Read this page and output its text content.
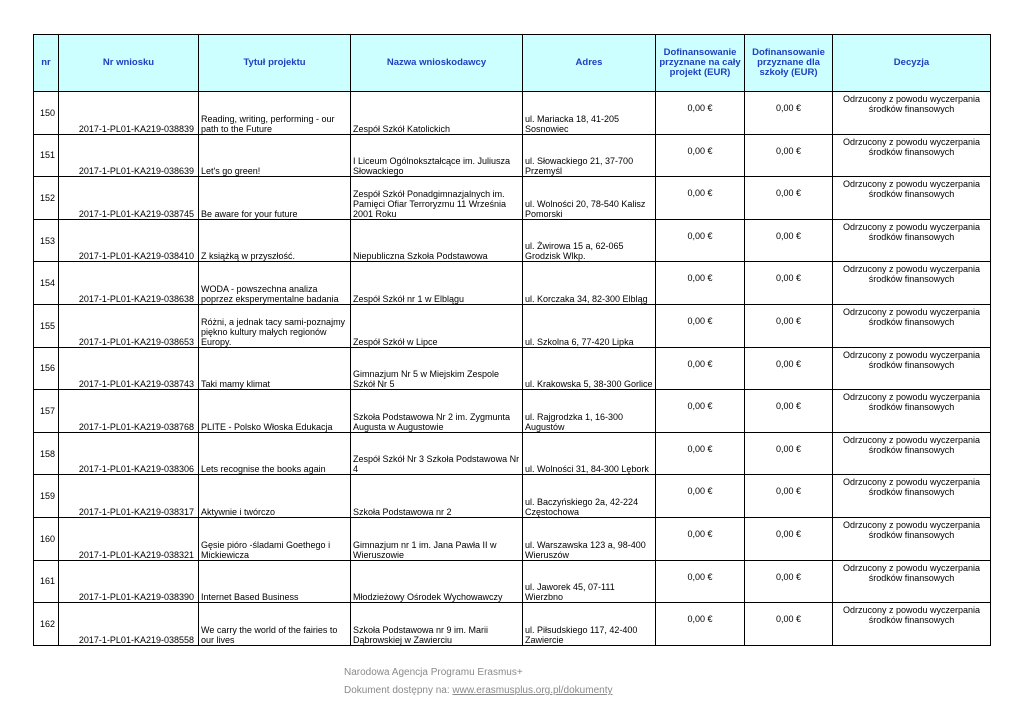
nr	Nr wniosku	Tytuł projektu	Nazwa wnioskodawcy	Adres	Dofinansowanie przyznane na cały projekt (EUR)	Dofinansowanie przyznane dla szkoły (EUR)	Decyzja
150	2017-1-PL01-KA219-038839	Reading, writing, performing - our path to the Future	Zespół Szkół Katolickich	ul. Mariacka 18, 41-205 Sosnowiec	0,00 €	0,00 €	Odrzucony z powodu wyczerpania środków finansowych
151	2017-1-PL01-KA219-038639	Let's go green!	I Liceum Ogólnokształcące im. Juliusza Słowackiego	ul. Słowackiego 21, 37-700 Przemyśl	0,00 €	0,00 €	Odrzucony z powodu wyczerpania środków finansowych
152	2017-1-PL01-KA219-038745	Be aware for your future	Zespół Szkół Ponadgimnazjalnych im. Pamięci Ofiar Terroryzmu 11 Września 2001 Roku	ul. Wolności 20, 78-540 Kalisz Pomorski	0,00 €	0,00 €	Odrzucony z powodu wyczerpania środków finansowych
153	2017-1-PL01-KA219-038410	Z książką w przyszłość.	Niepubliczna Szkoła Podstawowa	ul. Żwirowa 15 a, 62-065 Grodzisk Wlkp.	0,00 €	0,00 €	Odrzucony z powodu wyczerpania środków finansowych
154	2017-1-PL01-KA219-038638	WODA - powszechna analiza poprzez eksperymentalne badania	Zespół Szkół nr 1 w Elblągu	ul. Korczaka 34, 82-300 Elbląg	0,00 €	0,00 €	Odrzucony z powodu wyczerpania środków finansowych
155	2017-1-PL01-KA219-038653	Różni, a jednak tacy sami-poznajmy piękno kultury małych regionów Europy.	Zespół Szkół w Lipce	ul. Szkolna 6, 77-420 Lipka	0,00 €	0,00 €	Odrzucony z powodu wyczerpania środków finansowych
156	2017-1-PL01-KA219-038743	Taki mamy klimat	Gimnazjum Nr 5 w Miejskim Zespole Szkół Nr 5	ul. Krakowska 5, 38-300 Gorlice	0,00 €	0,00 €	Odrzucony z powodu wyczerpania środków finansowych
157	2017-1-PL01-KA219-038768	PLITE - Polsko Włoska Edukacja	Szkoła Podstawowa Nr 2 im. Zygmunta Augusta w Augustowie	ul. Rajgrodzka 1, 16-300 Augustów	0,00 €	0,00 €	Odrzucony z powodu wyczerpania środków finansowych
158	2017-1-PL01-KA219-038306	Lets recognise the books again	Zespół Szkół Nr 3 Szkoła Podstawowa Nr 4	ul. Wolności 31, 84-300 Lębork	0,00 €	0,00 €	Odrzucony z powodu wyczerpania środków finansowych
159	2017-1-PL01-KA219-038317	Aktywnie i twórczo	Szkoła Podstawowa nr 2	ul. Baczyńskiego 2a, 42-224 Częstochowa	0,00 €	0,00 €	Odrzucony z powodu wyczerpania środków finansowych
160	2017-1-PL01-KA219-038321	Gęsie pióro -śladami Goethego i Mickiewicza	Gimnazjum nr 1 im. Jana Pawła II w Wieruszowie	ul. Warszawska 123 a, 98-400 Wieruszów	0,00 €	0,00 €	Odrzucony z powodu wyczerpania środków finansowych
161	2017-1-PL01-KA219-038390	Internet Based Business	Młodzieżowy Ośrodek Wychowawczy	ul. Jaworek 45, 07-111 Wierzbno	0,00 €	0,00 €	Odrzucony z powodu wyczerpania środków finansowych
162	2017-1-PL01-KA219-038558	We carry the world of the fairies to our lives	Szkoła Podstawowa nr 9 im. Marii Dąbrowskiej w Zawierciu	ul. Piłsudskiego 117, 42-400 Zawiercie	0,00 €	0,00 €	Odrzucony z powodu wyczerpania środków finansowych
Narodowa Agencja Programu Erasmus+
Dokument dostępny na: www.erasmusplus.org.pl/dokumenty
